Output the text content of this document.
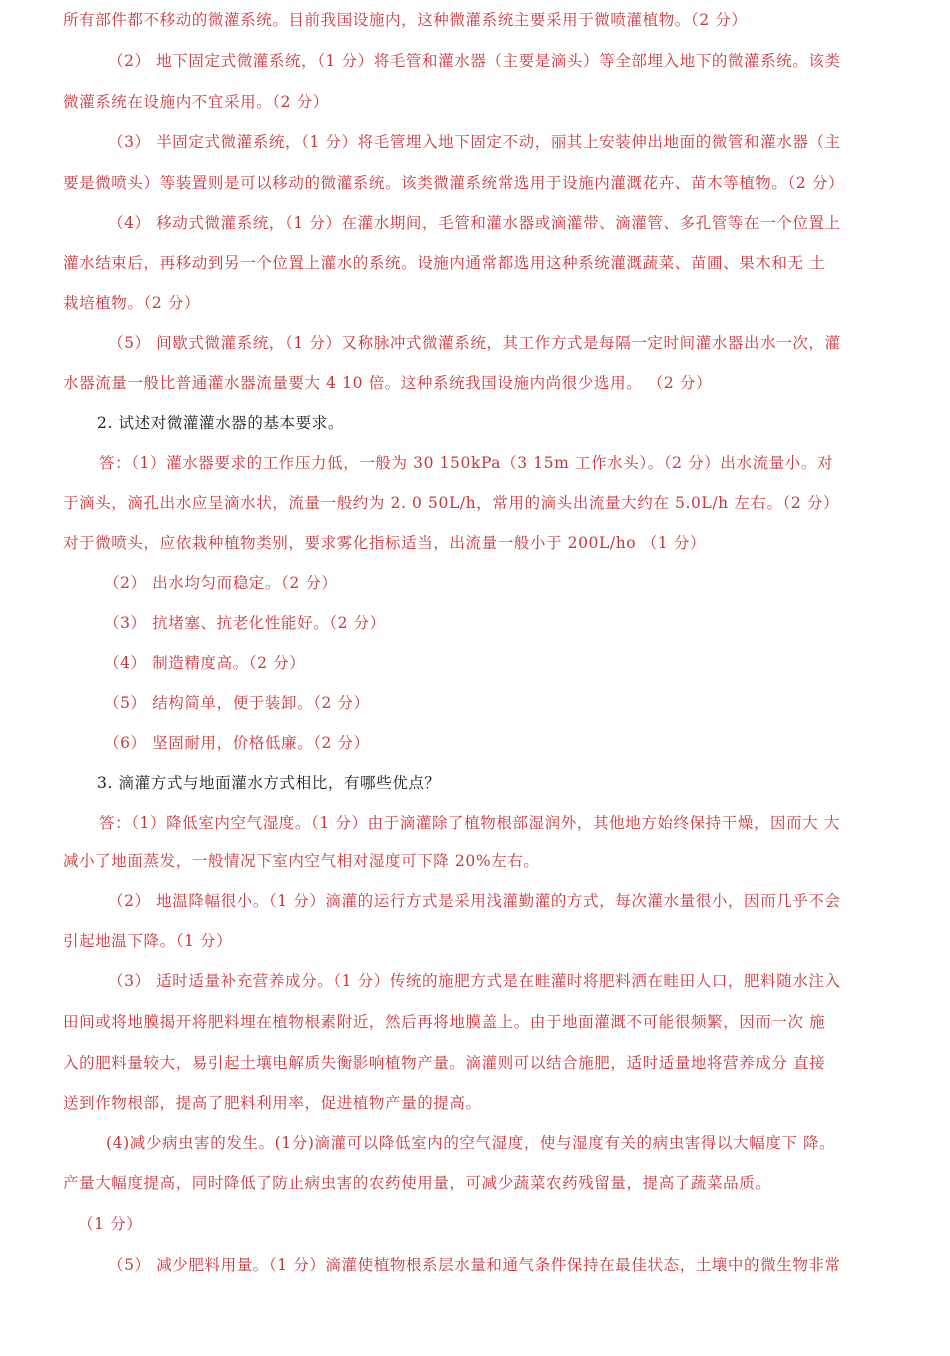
所有部件都不移动的微灌系统。目前我国设施内，这种微灌系统主要采用于微喷灌植物。（2 分）
（2） 地下固定式微灌系统，（1 分）将毛管和灌水器（主要是滴头）等全部埋入地下的微灌系统。该类
微灌系统在设施内不宜采用。（2 分）
（3） 半固定式微灌系统，（1 分）将毛管埋入地下固定不动，丽其上安装伸出地面的微管和灌水器（主
要是微喷头）等装置则是可以移动的微灌系统。该类微灌系统常选用于设施内灌溉花卉、苗木等植物。（2 分）
（4） 移动式微灌系统，（1 分）在灌水期间，毛管和灌水器或滴灌带、滴灌管、多孔管等在一个位置上
灌水结束后，再移动到另一个位置上灌水的系统。设施内通常都选用这种系统灌溉蔬菜、苗圃、果木和无 土
栽培植物。（2 分）
（5） 间歇式微灌系统，（1 分）又称脉冲式微灌系统，其工作方式是每隔一定时间灌水器出水一次，灌
水器流量一般比普通灌水器流量要大 4 10 倍。这种系统我国设施内尚很少选用。 （2 分）
2. 试述对微灌灌水器的基本要求。
答：（1）灌水器要求的工作压力低，一般为 30 150kPa（3 15m 工作水头）。（2 分）出水流量小。对
于滴头，滴孔出水应呈滴水状，流量一般约为 2. 0 50L/h，常用的滴头出流量大约在 5.0L/h 左右。（2 分）
对于微喷头，应依栽种植物类别，要求雾化指标适当，出流量一般小于 200L/ho （1 分）
（2） 出水均匀而稳定。（2 分）
（3） 抗堵塞、抗老化性能好。（2 分）
（4） 制造精度高。（2 分）
（5） 结构简单，便于装卸。（2 分）
（6） 坚固耐用，价格低廉。（2 分）
3. 滴灌方式与地面灌水方式相比，有哪些优点？
答：（1）降低室内空气湿度。（1 分）由于滴灌除了植物根部湿润外，其他地方始终保持干燥，因而大 大
减小了地面蒸发，一般情况下室内空气相对湿度可下降 20%左右。
（2） 地温降幅很小。（1 分）滴灌的运行方式是采用浅灌勤灌的方式，每次灌水量很小，因而几乎不会
引起地温下降。（1 分）
（3） 适时适量补充营养成分。（1 分）传统的施肥方式是在畦灌时将肥料洒在畦田人口，肥料随水注入
田间或将地膜揭开将肥料埋在植物根素附近，然后再将地膜盖上。由于地面灌溉不可能很频繁，因而一次 施
入的肥料量较大，易引起土壤电解质失衡影响植物产量。滴灌则可以结合施肥，适时适量地将营养成分 直接
送到作物根部，提高了肥料利用率，促进植物产量的提高。
(4)减少病虫害的发生。(1分)滴灌可以降低室内的空气湿度，使与湿度有关的病虫害得以大幅度下 降。
产量大幅度提高，同时降低了防止病虫害的农药使用量，可减少蔬菜农药残留量，提高了蔬菜品质。
（1 分）
（5） 减少肥料用量。（1 分）滴灌使植物根系层水量和通气条件保持在最佳状态，土壤中的微生物非常
